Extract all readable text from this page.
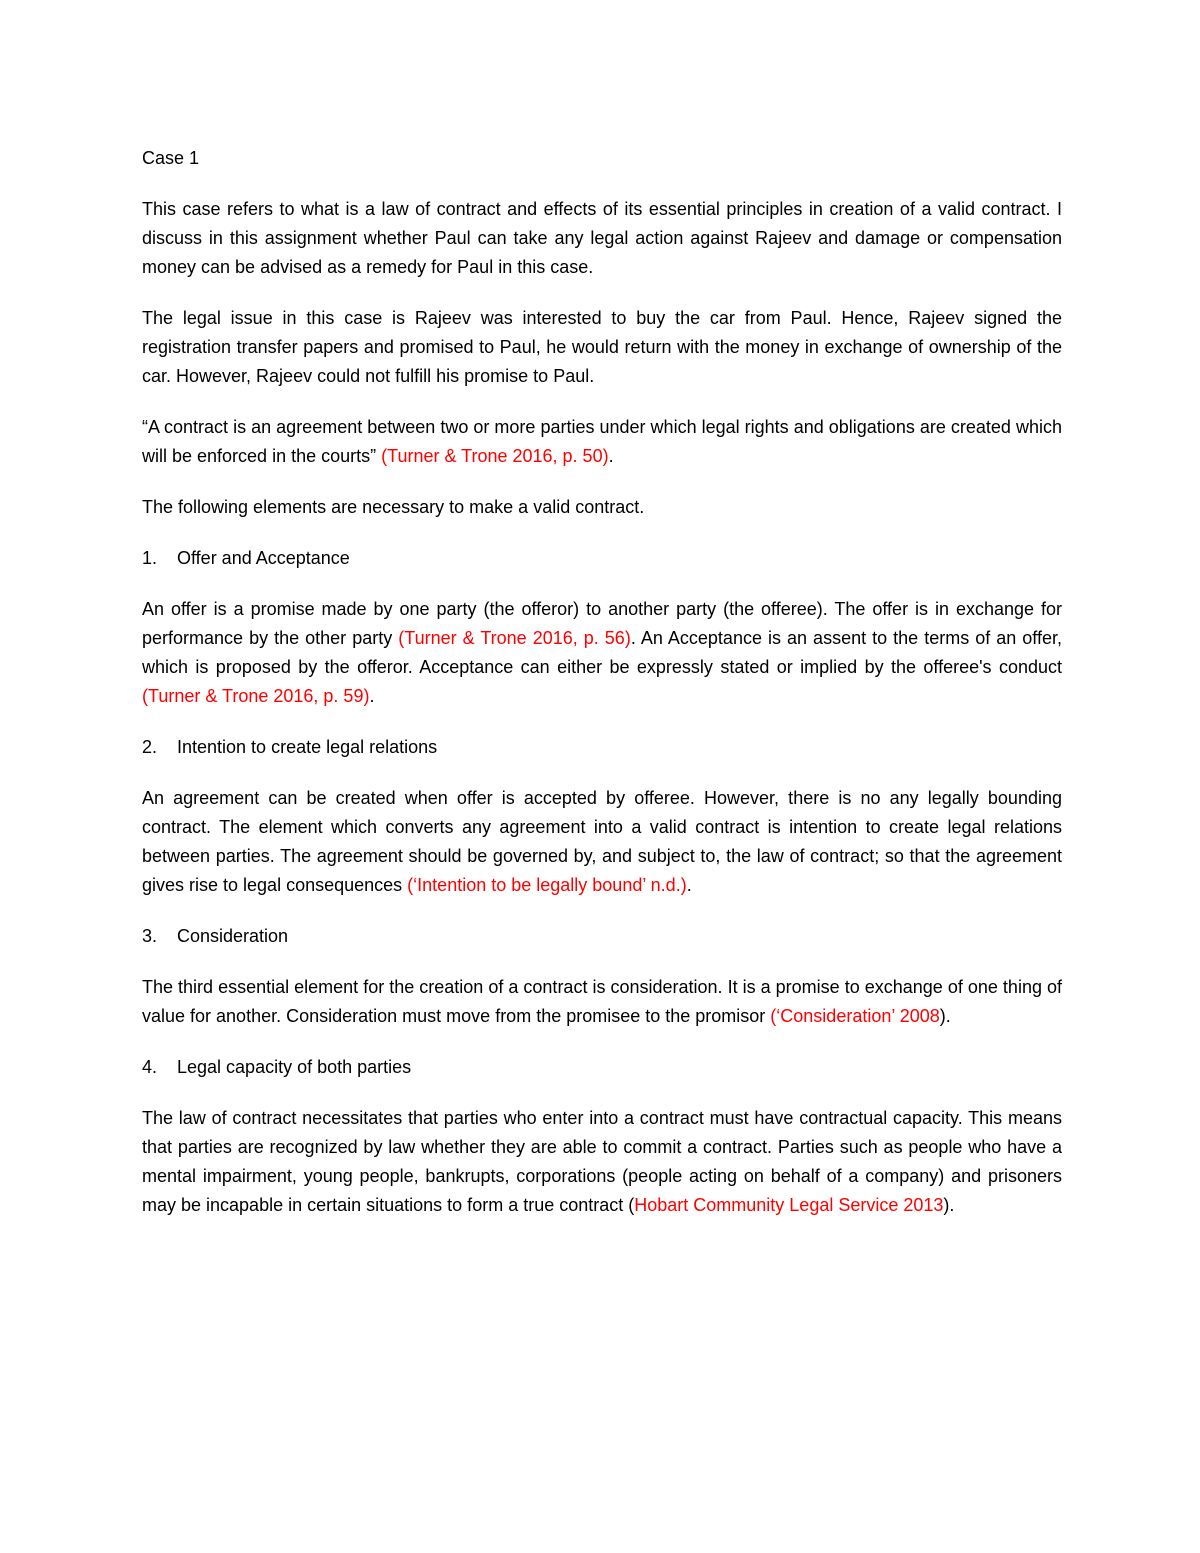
Case 1

This case refers to what is a law of contract and effects of its essential principles in creation of a valid contract. I discuss in this assignment whether Paul can take any legal action against Rajeev and damage or compensation money can be advised as a remedy for Paul in this case.

The legal issue in this case is Rajeev was interested to buy the car from Paul. Hence, Rajeev signed the registration transfer papers and promised to Paul, he would return with the money in exchange of ownership of the car. However, Rajeev could not fulfill his promise to Paul.

“A contract is an agreement between two or more parties under which legal rights and obligations are created which will be enforced in the courts” (Turner & Trone 2016, p. 50).

The following elements are necessary to make a valid contract.

1.	Offer and Acceptance

An offer is a promise made by one party (the offeror) to another party (the offeree). The offer is in exchange for performance by the other party (Turner & Trone 2016, p. 56). An Acceptance is an assent to the terms of an offer, which is proposed by the offeror. Acceptance can either be expressly stated or implied by the offeree's conduct (Turner & Trone 2016, p. 59).

2.	Intention to create legal relations

An agreement can be created when offer is accepted by offeree. However, there is no any legally bounding contract. The element which converts any agreement into a valid contract is intention to create legal relations between parties. The agreement should be governed by, and subject to, the law of contract; so that the agreement gives rise to legal consequences (‘Intention to be legally bound’ n.d.).

3.	Consideration

The third essential element for the creation of a contract is consideration. It is a promise to exchange of one thing of value for another. Consideration must move from the promisee to the promisor (‘Consideration’ 2008).

4.	Legal capacity of both parties

The law of contract necessitates that parties who enter into a contract must have contractual capacity. This means that parties are recognized by law whether they are able to commit a contract. Parties such as people who have a mental impairment, young people, bankrupts, corporations (people acting on behalf of a company) and prisoners may be incapable in certain situations to form a true contract (Hobart Community Legal Service 2013).
